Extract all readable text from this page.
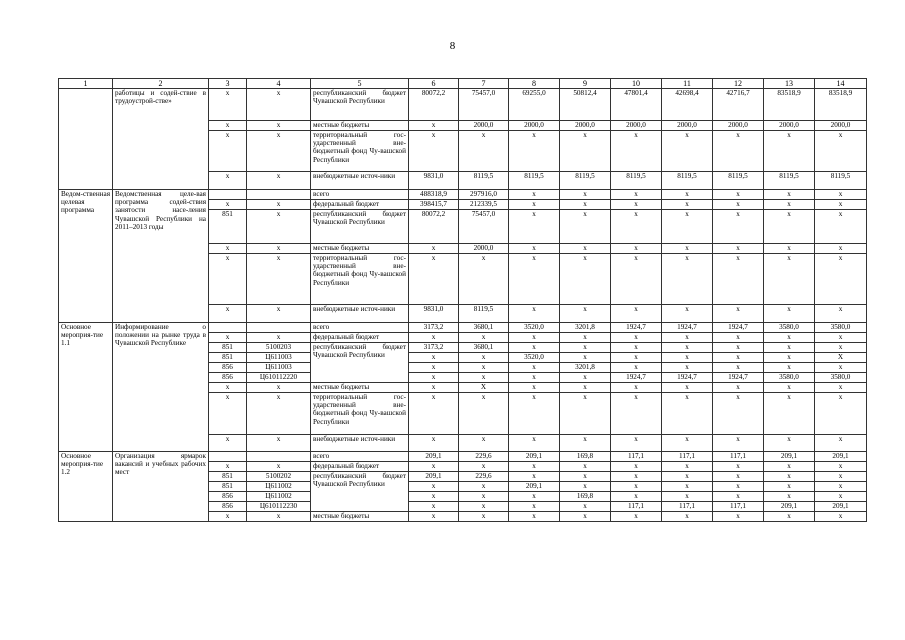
8
1	2	3	4	5	6	7	8	9	10	11	12	13	14
	работицы и содей-ствие в трудоустрой-стве»	x	x	республиканский бюджет Чувашской Республики	80072,2	75457,0	69255,0	50812,4	47801,4	42698,4	42716,7	83518,9	83518,9
		x	x	местные бюджеты	x	2000,0	2000,0	2000,0	2000,0	2000,0	2000,0	2000,0	2000,0
		x	x	территориальный гос-ударственный вне-бюджетный фонд Чу-вашской Республики	x	x	x	x	x	x	x	x	x
		x	x	внебюджетные источ-ники	9831,0	8119,5	8119,5	8119,5	8119,5	8119,5	8119,5	8119,5	8119,5
Ведом-ственная целевая программа	Ведомственная целе-вая программа содей-ствия занятости насе-ления Чувашской Республики на 2011–2013 годы			всего	488318,9	297916,0	x	x	x	x	x	x	x
		x	x	федеральный бюджет	398415,7	212339,5	x	x	x	x	x	x	x
		851	x	республиканский бюджет Чувашской Республики	80072,2	75457,0	x	x	x	x	x	x	x
		x	x	местные бюджеты	x	2000,0	x	x	x	x	x	x	x
		x	x	территориальный гос-ударственный вне-бюджетный фонд Чу-вашской Республики	x	x	x	x	x	x	x	x	x
		x	x	внебюджетные источ-ники	9831,0	8119,5	x	x	x	x	x	x	x
Основное мероприя-тие 1.1	Информирование о положении на рынке труда в Чувашской Республике			всего	3173,2	3680,1	3520,0	3201,8	1924,7	1924,7	1924,7	3580,0	3580,0
		x	x	федеральный бюджет	x	x	x	x	x	x	x	x	x
		851	5100203	республиканский бюджет Чувашской Республики	3173,2	3680,1	x	x	x	x	x	x	x
		851	Ц611003		x	x	3520,0	x	x	x	x	x	X
		856	Ц611003		x	x	x	3201,8	x	x	x	x	x
		856	Ц610112220		x	x	x	x	1924,7	1924,7	1924,7	3580,0	3580,0
		x	x	местные бюджеты	x	X	x	x	x	x	x	x	x
		x	x	территориальный гос-ударственный вне-бюджетный фонд Чу-вашской Республики	x	x	x	x	x	x	x	x	x
		x	x	внебюджетные источ-ники	x	x	x	x	x	x	x	x	x
Основное мероприя-тие 1.2	Организация ярмарок вакансий и учебных рабочих мест			всего	209,1	229,6	209,1	169,8	117,1	117,1	117,1	209,1	209,1
		x	x	федеральный бюджет	x	x	x	x	x	x	x	x	x
		851	5100202	республиканский бюджет Чувашской Республики	209,1	229,6	x	x	x	x	x	x	x
		851	Ц611002		x	x	209,1	x	x	x	x	x	x
		856	Ц611002		x	x	x	169,8	x	x	x	x	x
		856	Ц610112230		x	x	x	x	117,1	117,1	117,1	209,1	209,1
		x	x	местные бюджеты	x	x	x	x	x	x	x	x	x
